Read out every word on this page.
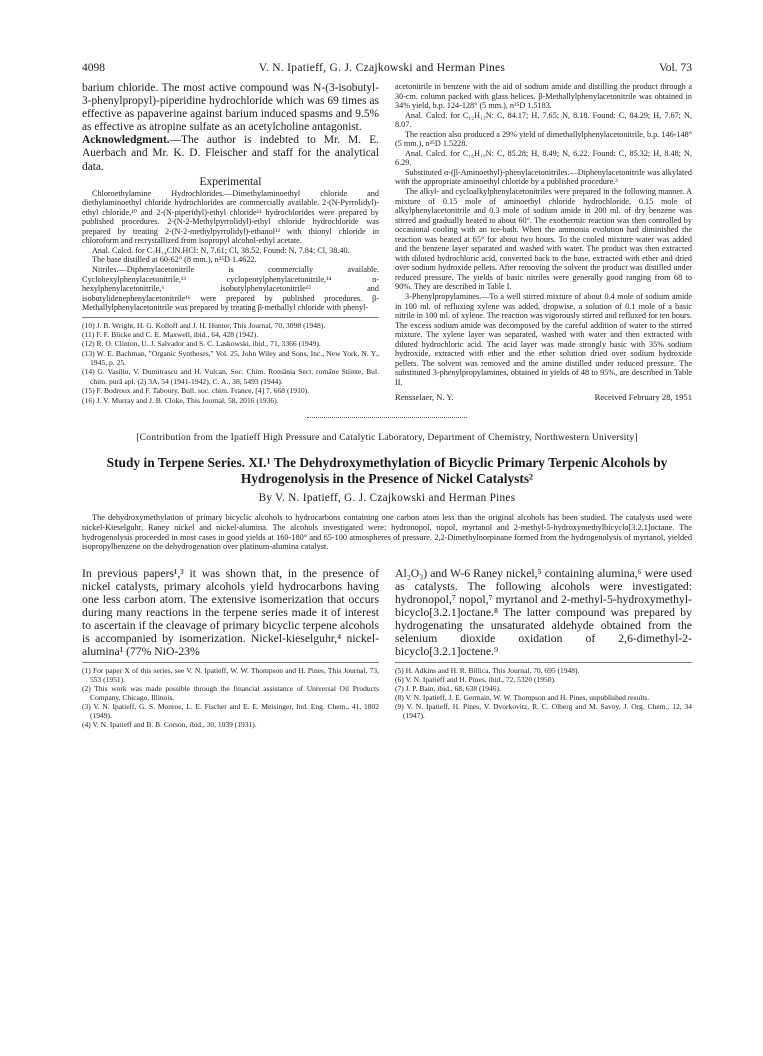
4098	V. N. Ipatieff, G. J. Czajkowski and Herman Pines	Vol. 73

barium chloride. The most active compound was N-(3-isobutyl-3-phenylpropyl)-piperidine hydrochloride which was 69 times as effective as papaverine against barium induced spasms and 9.5% as effective as atropine sulfate as an acetylcholine antagonist.

Acknowledgment.—The author is indebted to Mr. M. E. Auerbach and Mr. K. D. Fleischer and staff for the analytical data.
Experimental

Chloroethylamine Hydrochlorides.—Dimethylaminoethyl chloride and diethylaminoethyl chloride hydrochlorides are commercially available. 2-(N-Pyrrolidyl)-ethyl chloride,¹⁰ and 2-(N-piperidyl)-ethyl chloride¹¹ hydrochlorides were prepared by published procedures. 2-(N-2-Methylpyrrolidyl)-ethyl chloride hydrochloride was prepared by treating 2-(N-2-methylpyrrolidyl)-ethanol¹² with thionyl chloride in chloroform and recrystallized from isopropyl alcohol-ethyl acetate.

Anal. Calcd. for C₇H₁₄ClN.HCl: N, 7.61; Cl, 38.52. Found: N, 7.84; Cl, 38.40.

The base distilled at 60-62° (8 mm.), n²⁵D 1.4622.

Nitriles.—Diphenylacetonitrile is commercially available. Cyclohexylphenylacetonitrile,¹³ cyclopentylphenylacetonitrile,¹⁴ n-hexylphenylacetonitrile,⁶ isobutylphenylacetonitrile¹⁵ and isobutylidenephenylacetonitrile¹⁶ were prepared by published procedures. β-Methallylphenylacetonitrile was prepared by treating β-methallyl chloride with phenyl-

(10) J. B. Wright, H. G. Kolloff and J. H. Hunter, This Journal, 70, 3098 (1948).

(11) F. F. Blicke and C. E. Maxwell, ibid., 64, 428 (1942).

(12) R. O. Clinton, U. J. Salvador and S. C. Laskowski, ibid., 71, 3366 (1949).

(13) W. E. Bachman, "Organic Syntheses," Vol. 25, John Wiley and Sons, Inc., New York, N. Y., 1945, p. 25.

(14) G. Vasiliu, V. Dumitrascu and H. Vulcan, Soc. Chim. România Sect. române Stiinte, Bul. chim. pură apl. (2) 3A, 54 (1941-1942), C. A., 38, 5493 (1944).

(15) F. Bodroux and F. Taboury, Bull. soc. chim. France, [4] 7, 668 (1910).

(16) J. V. Murray and J. B. Cloke, This Journal, 58, 2016 (1936).

acetonitrile in benzene with the aid of sodium amide and distilling the product through a 30-cm. column packed with glass helices. β-Methallylphenylacetonitrile was obtained in 34% yield, b.p. 124-128° (5 mm.), n²⁵D 1.5183.

Anal. Calcd. for C₁₂H₁₃N: C, 84.17; H, 7.65; N, 8.18. Found: C, 84.29; H, 7.67; N, 8.07.

The reaction also produced a 29% yield of dimethallylphenylacetonitrile, b.p. 146-148° (5 mm.), n²⁵D 1.5228.

Anal. Calcd. for C₁₆H₁₉N: C, 85.28; H, 8.49; N, 6.22. Found: C, 85.32; H, 8.48; N, 6.29.

Substituted α-(β-Aminoethyl)-phenylacetonitriles.—Diphenylacetonitrile was alkylated with the appropriate aminoethyl chloride by a published procedure.³

The alkyl- and cycloalkylphenylacetonitriles were prepared in the following manner. A mixture of 0.15 mole of aminoethyl chloride hydrochloride, 0.15 mole of alkylphenylacetonitrile and 0.3 mole of sodium amide in 200 ml. of dry benzene was stirred and gradually heated to about 60°. The exothermic reaction was then controlled by occasional cooling with an ice-bath. When the ammonia evolution had diminished the reaction was heated at 65° for about two hours. To the cooled mixture water was added and the benzene layer separated and washed with water. The product was then extracted with diluted hydrochloric acid, converted back to the base, extracted with ether and dried over sodium hydroxide pellets. After removing the solvent the product was distilled under reduced pressure. The yields of basic nitriles were generally good ranging from 68 to 90%. They are described in Table I.

3-Phenylpropylamines.—To a well stirred mixture of about 0.4 mole of sodium amide in 100 ml. of refluxing xylene was added, dropwise, a solution of 0.1 mole of a basic nitrile in 100 ml. of xylene. The reaction was vigorously stirred and refluxed for ten hours. The excess sodium amide was decomposed by the careful addition of water to the stirred mixture. The xylene layer was separated, washed with water and then extracted with diluted hydrochloric acid. The acid layer was made strongly basic with 35% sodium hydroxide, extracted with ether and the ether solution dried over sodium hydroxide pellets. The solvent was removed and the amine distilled under reduced pressure. The substituted 3-phenylpropylamines, obtained in yields of 48 to 95%, are described in Table II.

Rensselaer, N. Y.	Received February 28, 1951
[Contribution from the Ipatieff High Pressure and Catalytic Laboratory, Department of Chemistry, Northwestern University]
Study in Terpene Series. XI.¹ The Dehydroxymethylation of Bicyclic Primary Terpenic Alcohols by Hydrogenolysis in the Presence of Nickel Catalysts²
By V. N. Ipatieff, G. J. Czajkowski and Herman Pines
The dehydroxymethylation of primary bicyclic alcohols to hydrocarbons containing one carbon atom less than the original alcohols has been studied. The catalysts used were nickel-Kieselguhr, Raney nickel and nickel-alumina. The alcohols investigated were: hydronopol, nopol, myrtanol and 2-methyl-5-hydroxymethylbicyclo[3.2.1]octane. The hydrogenolysis proceeded in most cases in good yields at 160-180° and 65-100 atmospheres of pressure. 2,2-Dimethylnorpinane formed from the hydrogenolysis of myrtanol, yielded isopropylbenzene on the dehydrogenation over platinum-alumina catalyst.

In previous papers¹,³ it was shown that, in the presence of nickel catalysts, primary alcohols yield hydrocarbons having one less carbon atom. The extensive isomerization that occurs during many reactions in the terpene series made it of interest to ascertain if the cleavage of primary bicyclic terpene alcohols is accompanied by isomerization. Nickel-kieselguhr,⁴ nickel-alumina¹ (77% NiO-23%

(1) For paper X of this series, see V. N. Ipatieff, W. W. Thompson and H. Pines, This Journal, 73, 553 (1951).

(2) This work was made possible through the financial assistance of Universal Oil Products Company, Chicago, Illinois.

(3) V. N. Ipatieff, G. S. Monroe, L. E. Fischer and E. E. Meisinger, Ind. Eng. Chem., 41, 1802 (1949).

(4) V. N. Ipatieff and B. B. Corson, ibid., 30, 1039 (1931).

Al₂O₃) and W-6 Raney nickel,⁵ containing alumina,⁶ were used as catalysts. The following alcohols were investigated: hydronopol,⁷ nopol,⁷ myrtanol and 2-methyl-5-hydroxymethyl-bicyclo[3.2.1]octane.⁸ The latter compound was prepared by hydrogenating the unsaturated aldehyde obtained from the selenium dioxide oxidation of 2,6-dimethyl-2-bicyclo[3.2.1]octene.⁹

(5) H. Adkins and H. R. Billica, This Journal, 70, 695 (1948).

(6) V. N. Ipatieff and H. Pines, ibid., 72, 5320 (1950).

(7) J. P. Bain, ibid., 68, 638 (1946).

(8) V. N. Ipatieff, J. E. Germain, W. W. Thompson and H. Pines, unpublished results.

(9) V. N. Ipatieff, H. Pines, V. Dvorkovitz, R. C. Olberg and M. Savoy, J. Org. Chem., 12, 34 (1947).
